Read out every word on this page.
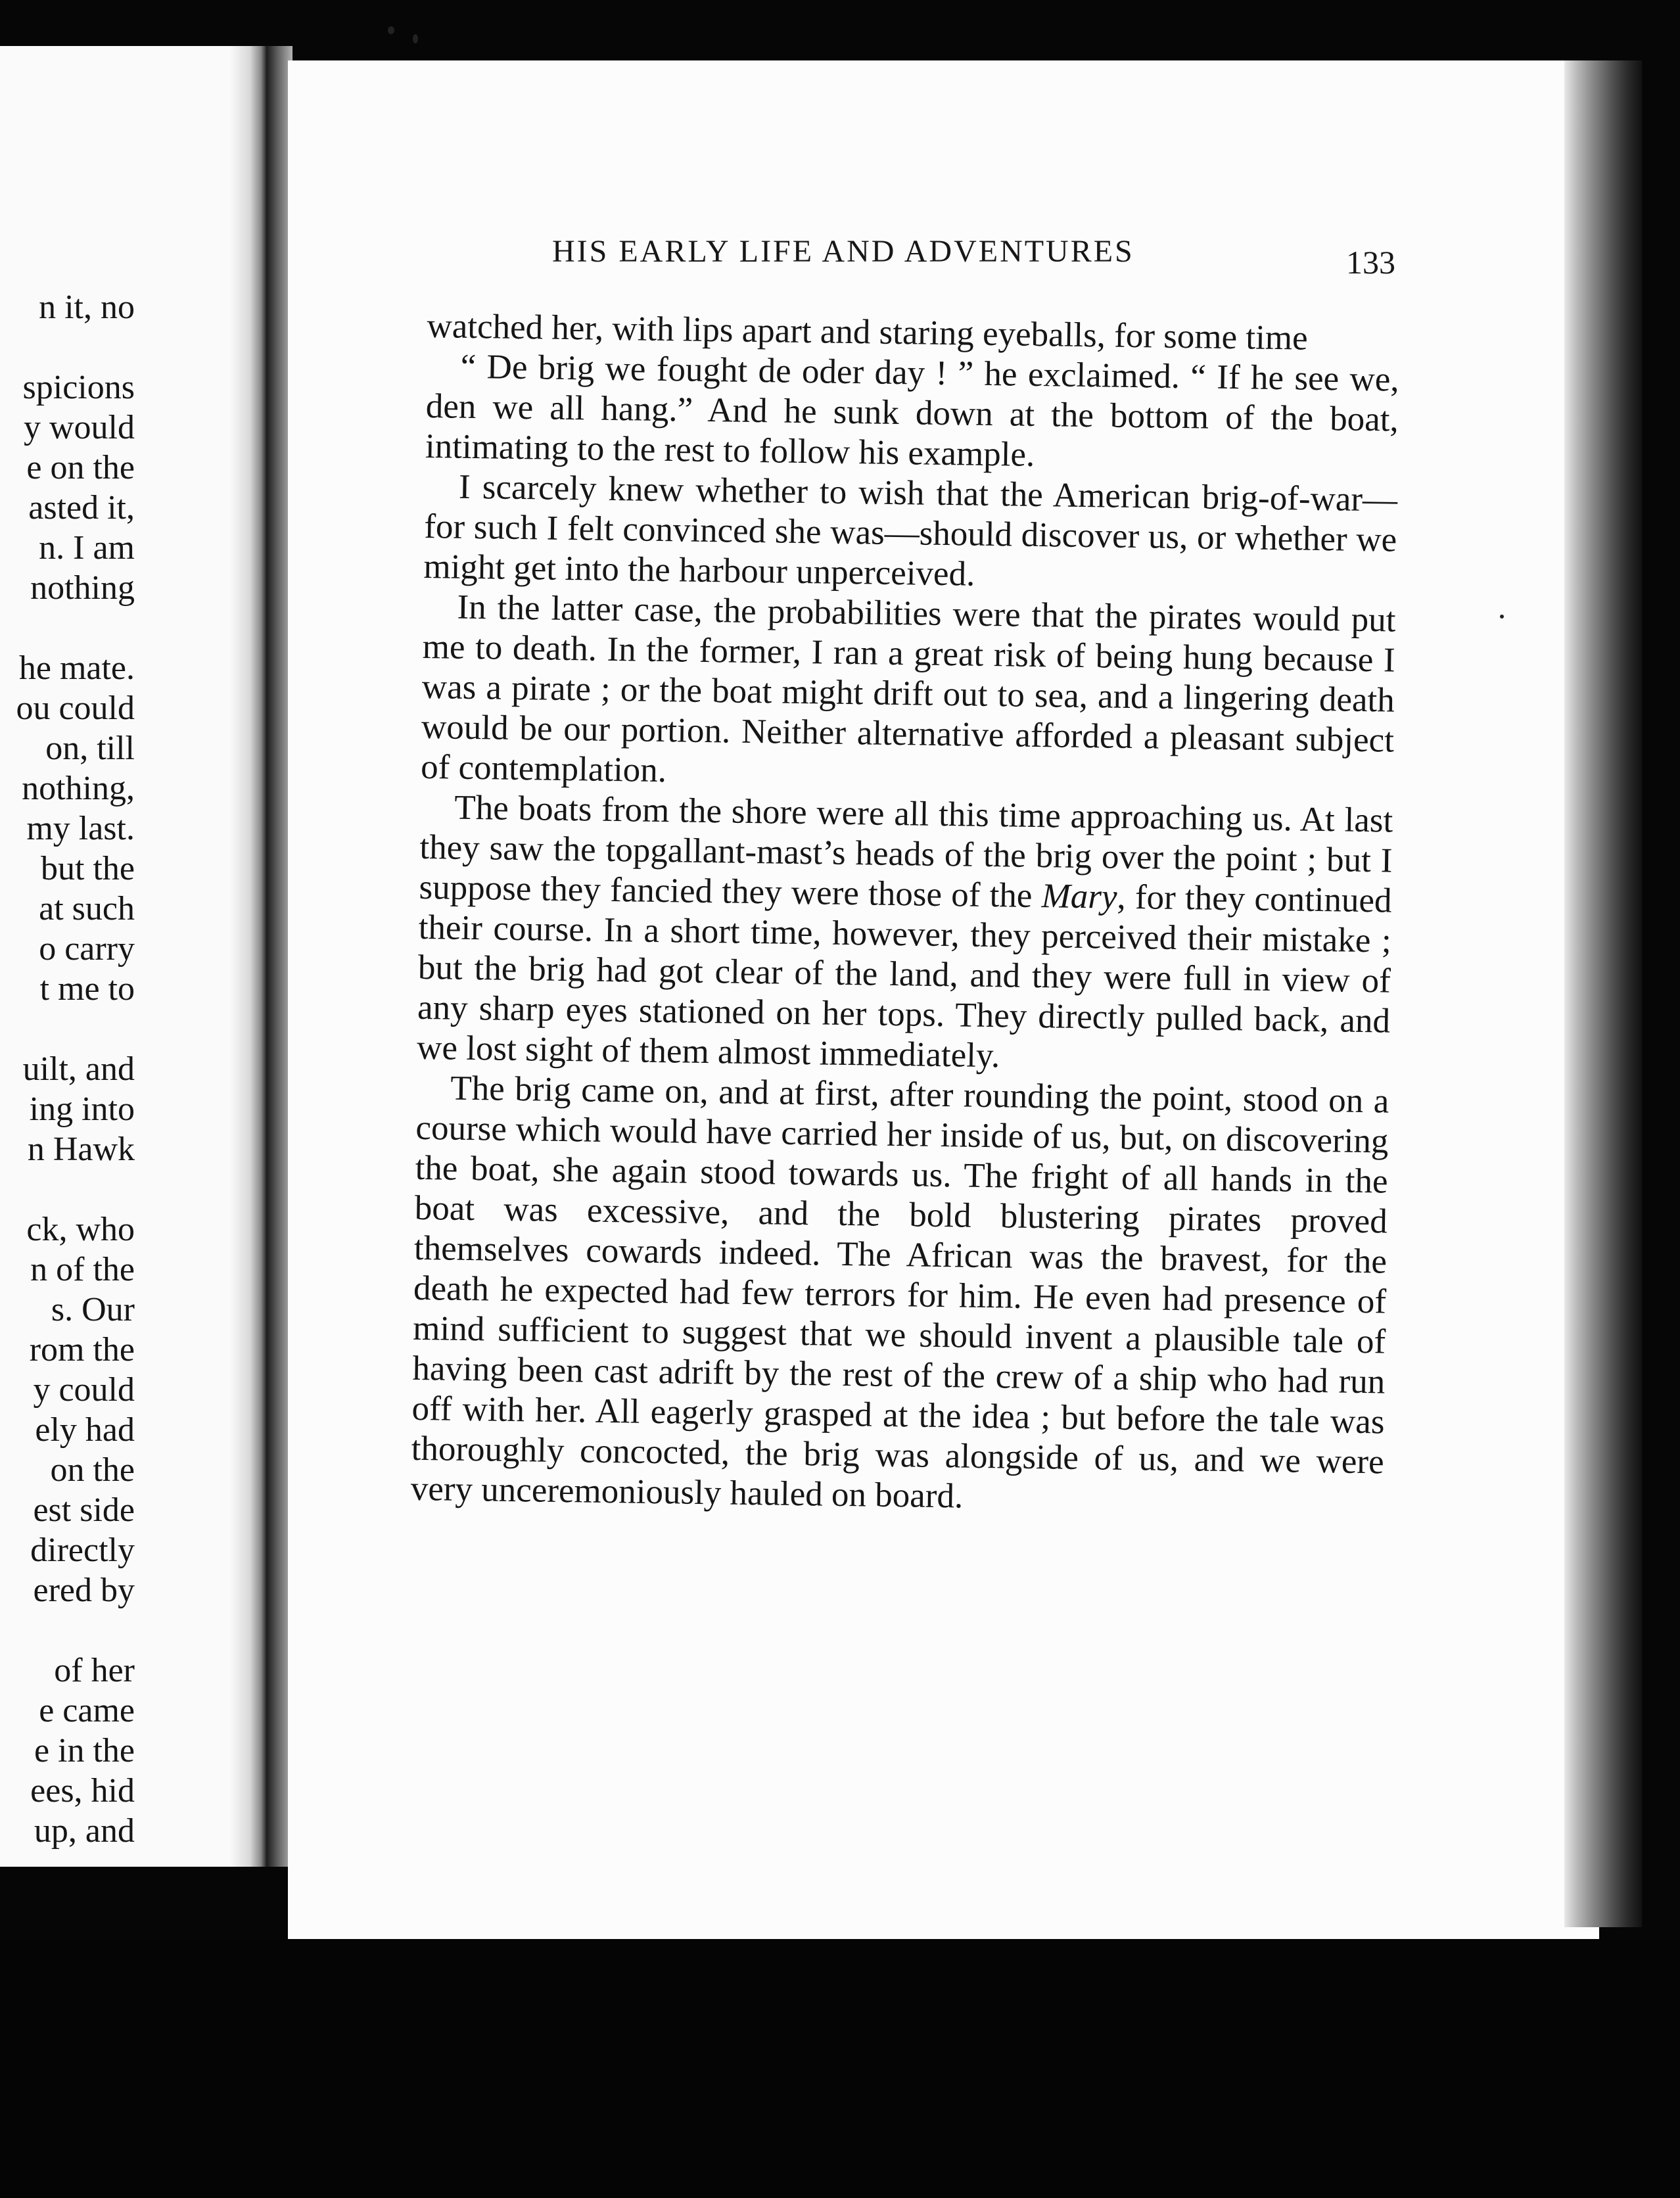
n it, no
spicions
y would
e on the
asted it,
n. I am
nothing
he mate.
ou could
on, till
nothing,
my last.
but the
at such
o carry
t me to
uilt, and
ing into
n Hawk
ck, who
n of the
s. Our
rom the
y could
ely had
on the
est side
directly
ered by
of her
e came
e in the
ees, hid
up, and
HIS EARLY LIFE AND ADVENTURES	133

watched her, with lips apart and staring eyeballs, for some time

“ De brig we fought de oder day ! ” he exclaimed. “ If he see we, den we all hang.” And he sunk down at the bottom of the boat, intimating to the rest to follow his example.

I scarcely knew whether to wish that the American brig-of-war—for such I felt convinced she was—should discover us, or whether we might get into the harbour unperceived.

In the latter case, the probabilities were that the pirates would put me to death. In the former, I ran a great risk of being hung because I was a pirate ; or the boat might drift out to sea, and a lingering death would be our portion. Neither alternative afforded a pleasant subject of contemplation.

The boats from the shore were all this time approaching us. At last they saw the topgallant-mast’s heads of the brig over the point ; but I suppose they fancied they were those of the Mary, for they continued their course. In a short time, however, they perceived their mistake ; but the brig had got clear of the land, and they were full in view of any sharp eyes stationed on her tops. They directly pulled back, and we lost sight of them almost immediately.

The brig came on, and at first, after rounding the point, stood on a course which would have carried her inside of us, but, on discovering the boat, she again stood towards us. The fright of all hands in the boat was excessive, and the bold blustering pirates proved themselves cowards indeed. The African was the bravest, for the death he expected had few terrors for him. He even had presence of mind sufficient to suggest that we should invent a plausible tale of having been cast adrift by the rest of the crew of a ship who had run off with her. All eagerly grasped at the idea ; but before the tale was thoroughly concocted, the brig was alongside of us, and we were very unceremoniously hauled on board.
